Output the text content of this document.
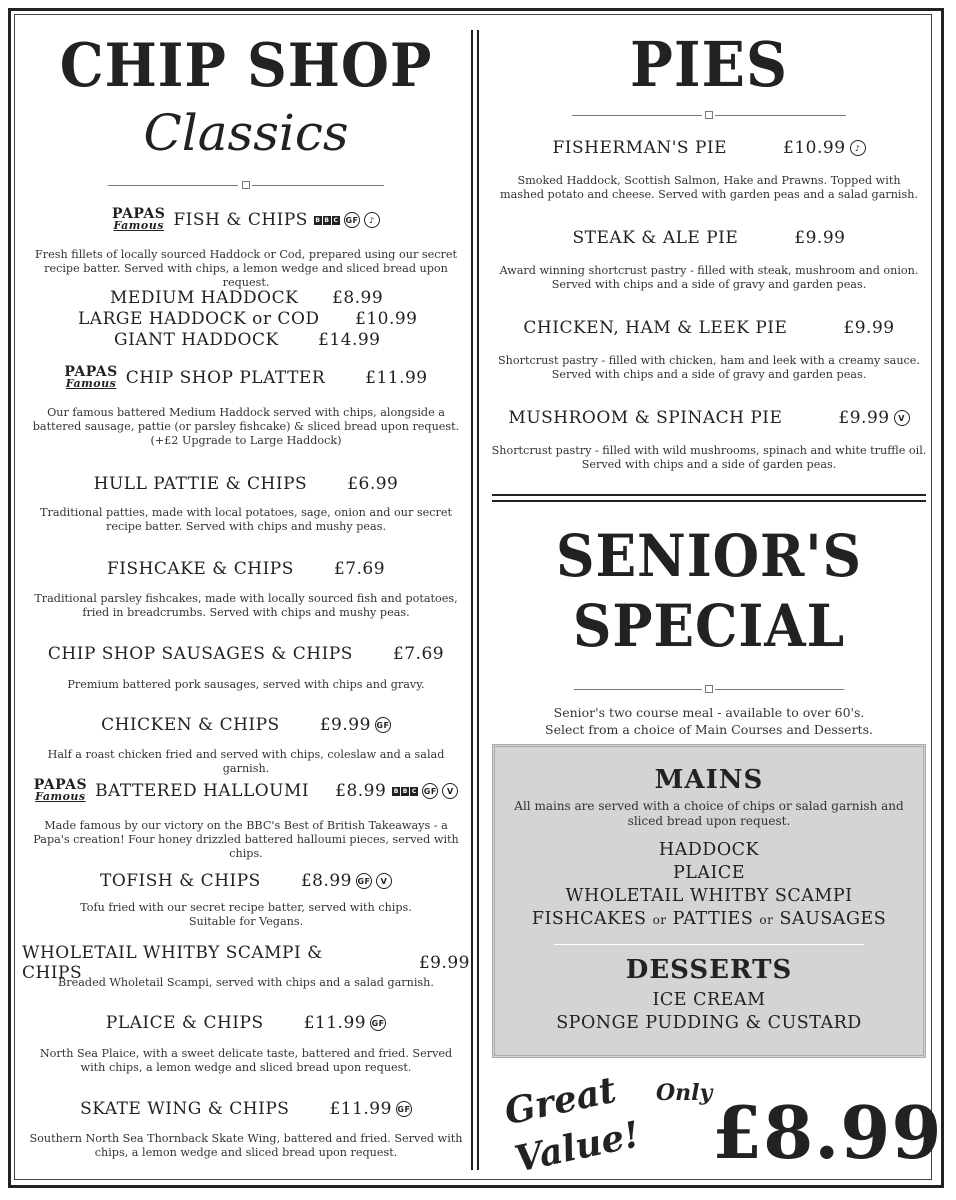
CHIP SHOP
Classics
PAPAS
Famous FISH & CHIPS B B C GF	♪
Fresh fillets of locally sourced Haddock or Cod, prepared using our secret recipe batter. Served with chips, a lemon wedge and sliced bread upon request.
MEDIUM HADDOCK £8.99
LARGE HADDOCK or COD £10.99
GIANT HADDOCK £14.99
PAPAS
Famous CHIP SHOP PLATTER £11.99
Our famous battered Medium Haddock served with chips, alongside a battered sausage, pattie (or parsley fishcake) & sliced bread upon request.
(+£2 Upgrade to Large Haddock)
HULL PATTIE & CHIPS £6.99
Traditional patties, made with local potatoes, sage, onion and our secret recipe batter. Served with chips and mushy peas.
FISHCAKE & CHIPS £7.69
Traditional parsley fishcakes, made with locally sourced fish and potatoes, fried in breadcrumbs. Served with chips and mushy peas.
CHIP SHOP SAUSAGES & CHIPS £7.69
Premium battered pork sausages, served with chips and gravy.
CHICKEN & CHIPS £9.99 GF
Half a roast chicken fried and served with chips, coleslaw and a salad garnish.
PAPAS
Famous BATTERED HALLOUMI £8.99 B B C GF	V
Made famous by our victory on the BBC's Best of British Takeaways - a Papa's creation! Four honey drizzled battered halloumi pieces, served with chips.
TOFISH & CHIPS £8.99 GF	V
Tofu fried with our secret recipe batter, served with chips. Suitable for Vegans.
WHOLETAIL WHITBY SCAMPI & CHIPS	£9.99
Breaded Wholetail Scampi, served with chips and a salad garnish.
PLAICE & CHIPS £11.99 GF
North Sea Plaice, with a sweet delicate taste, battered and fried. Served with chips, a lemon wedge and sliced bread upon request.
SKATE WING & CHIPS £11.99 GF
Southern North Sea Thornback Skate Wing, battered and fried. Served with chips, a lemon wedge and sliced bread upon request.
PIES
FISHERMAN'S PIE	£10.99	♪
Smoked Haddock, Scottish Salmon, Hake and Prawns. Topped with mashed potato and cheese. Served with garden peas and a salad garnish.
STEAK & ALE PIE	£9.99
Award winning shortcrust pastry - filled with steak, mushroom and onion. Served with chips and a side of gravy and garden peas.
CHICKEN, HAM & LEEK PIE	£9.99
Shortcrust pastry - filled with chicken, ham and leek with a creamy sauce. Served with chips and a side of gravy and garden peas.
MUSHROOM & SPINACH PIE	£9.99	V
Shortcrust pastry - filled with wild mushrooms, spinach and white truffle oil. Served with chips and a side of garden peas.
SENIOR'S
SPECIAL
Senior's two course meal - available to over 60's.
Select from a choice of Main Courses and Desserts.
MAINS
All mains are served with a choice of chips or salad garnish and sliced bread upon request.
HADDOCK
PLAICE
WHOLETAIL WHITBY SCAMPI
FISHCAKES or PATTIES or SAUSAGES
DESSERTS
ICE CREAM
SPONGE PUDDING & CUSTARD
Great
Value!
Only £8.99
